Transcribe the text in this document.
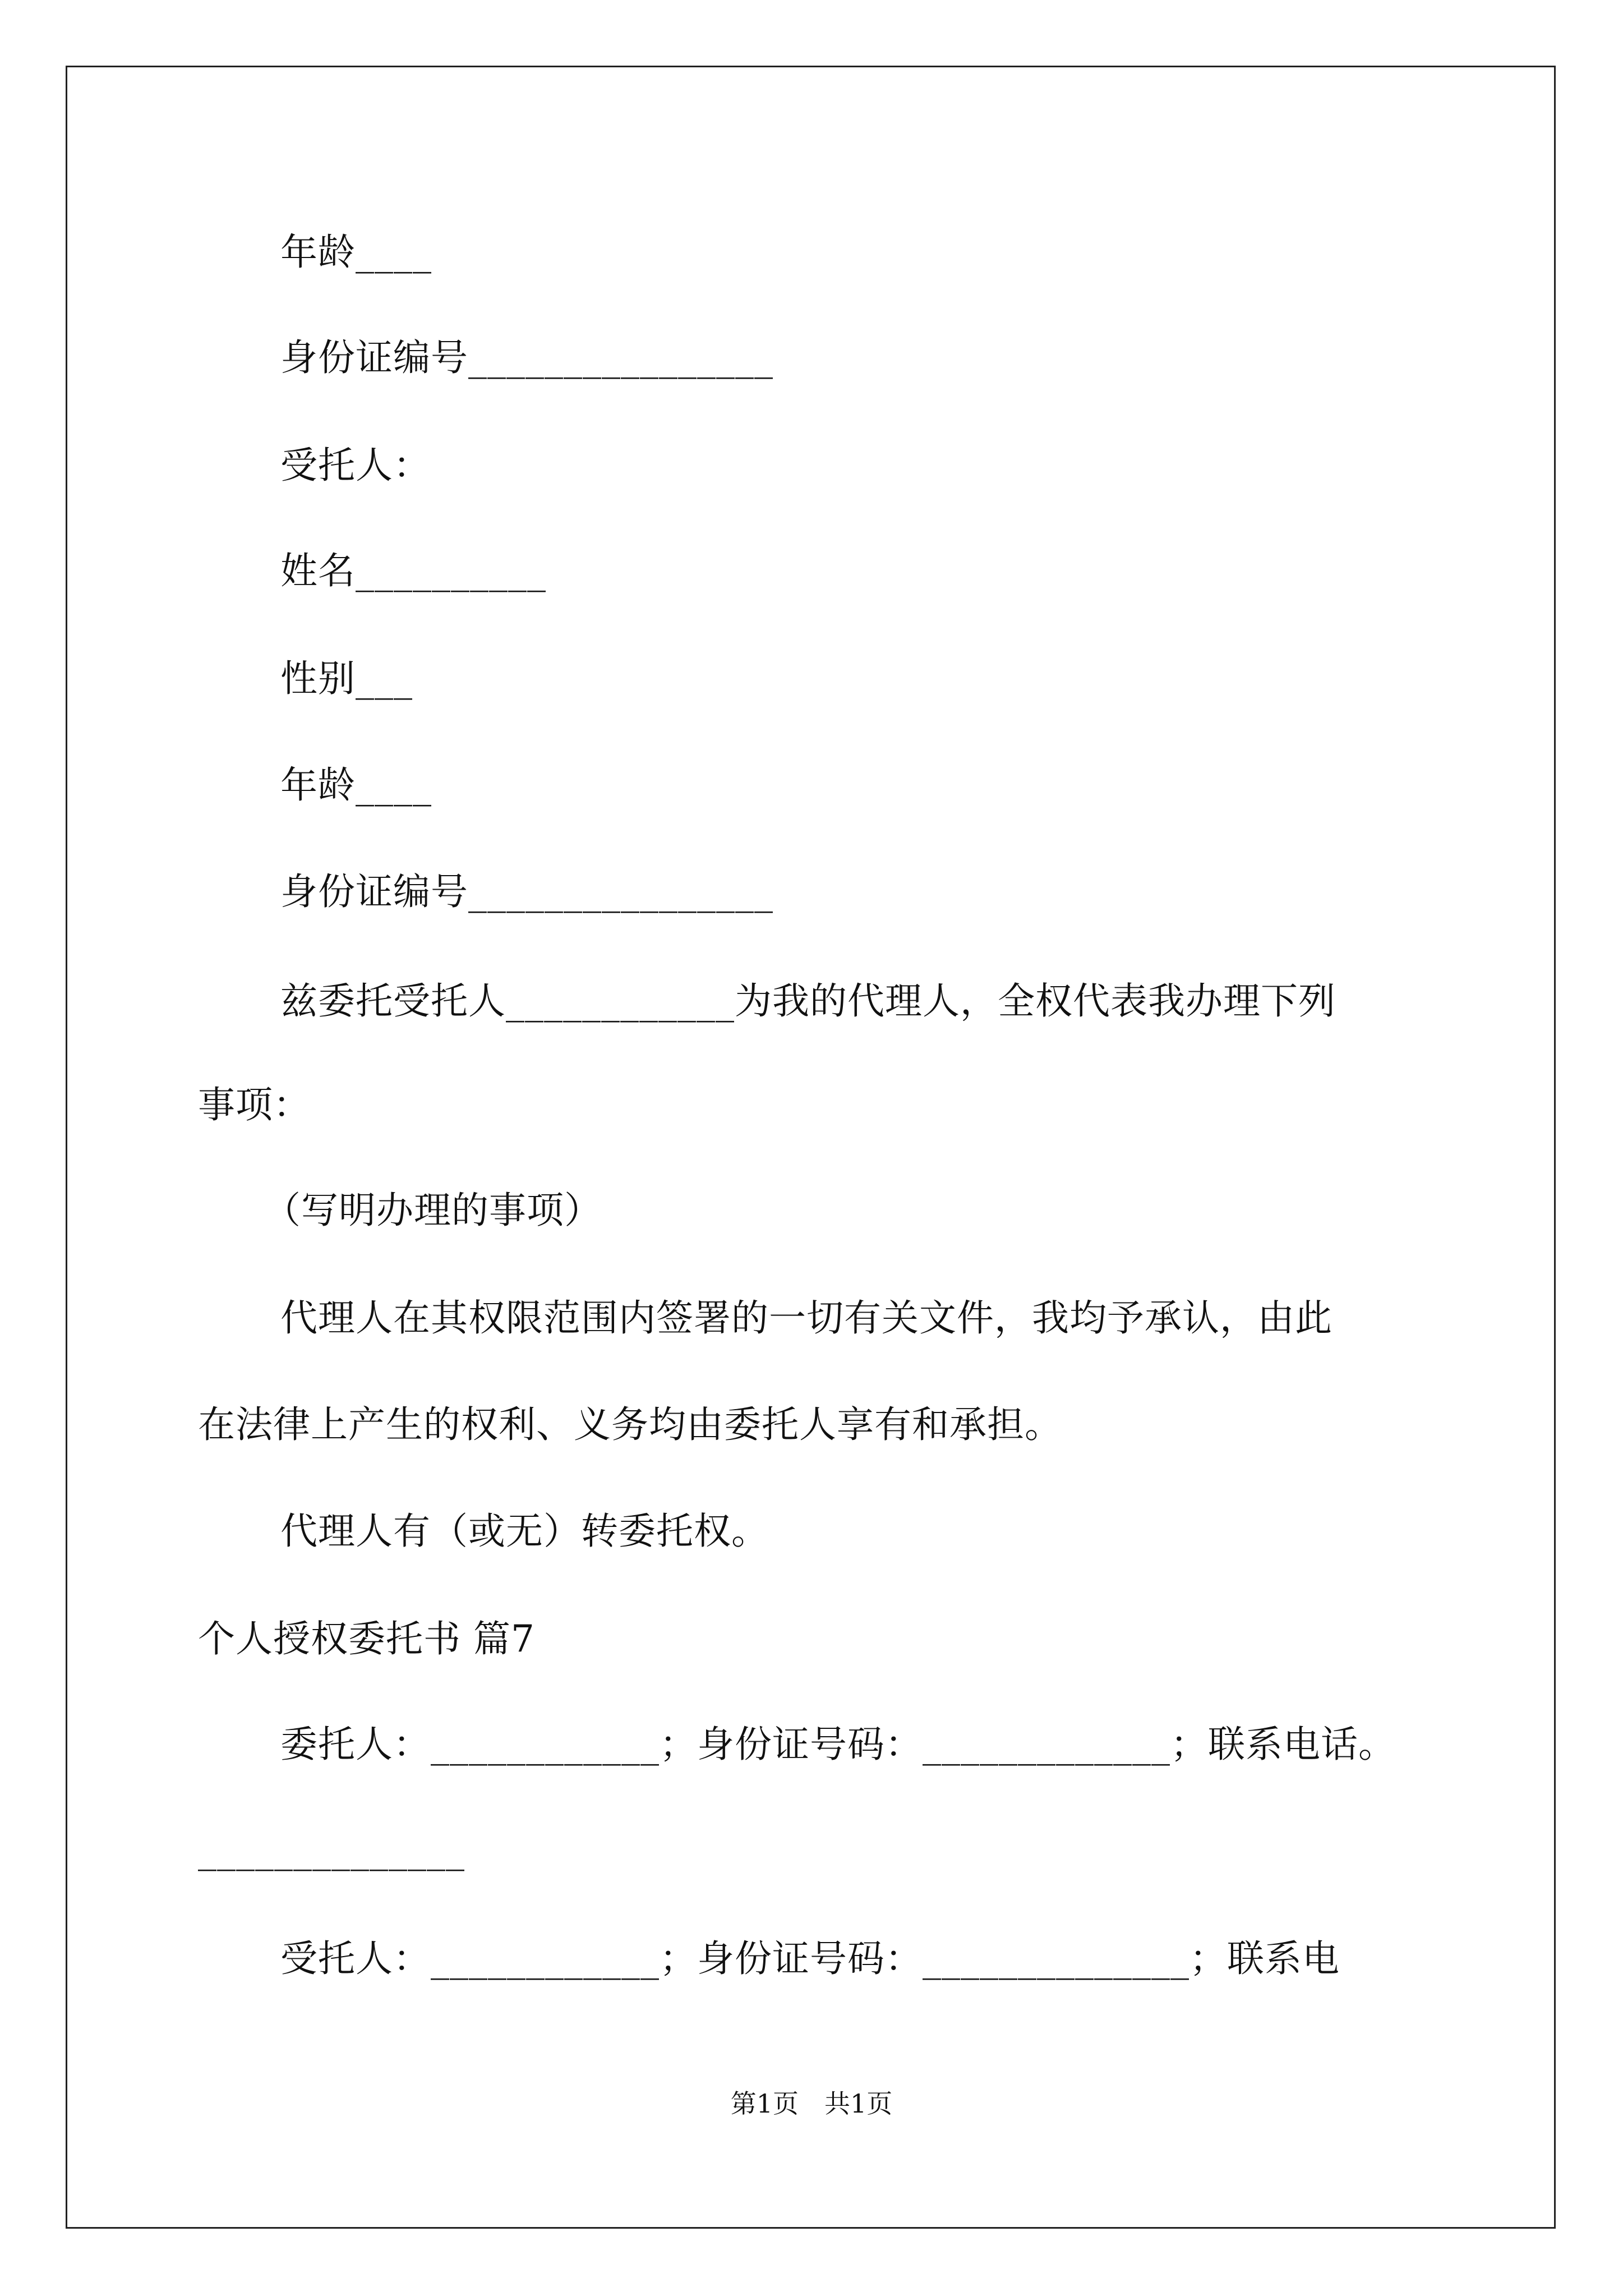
年龄____
身份证编号________________
受托人：
姓名__________
性别___
年龄____
身份证编号________________
兹委托受托人____________为我的代理人，全权代表我办理下列
事项：
（写明办理的事项）
代理人在其权限范围内签署的一切有关文件，我均予承认，由此
在法律上产生的权利、义务均由委托人享有和承担。
代理人有（或无）转委托权。
个人授权委托书 篇7
委托人：____________；身份证号码：_____________；联系电话。
______________
受托人：____________；身份证号码：______________；联系电
第1页　共1页
